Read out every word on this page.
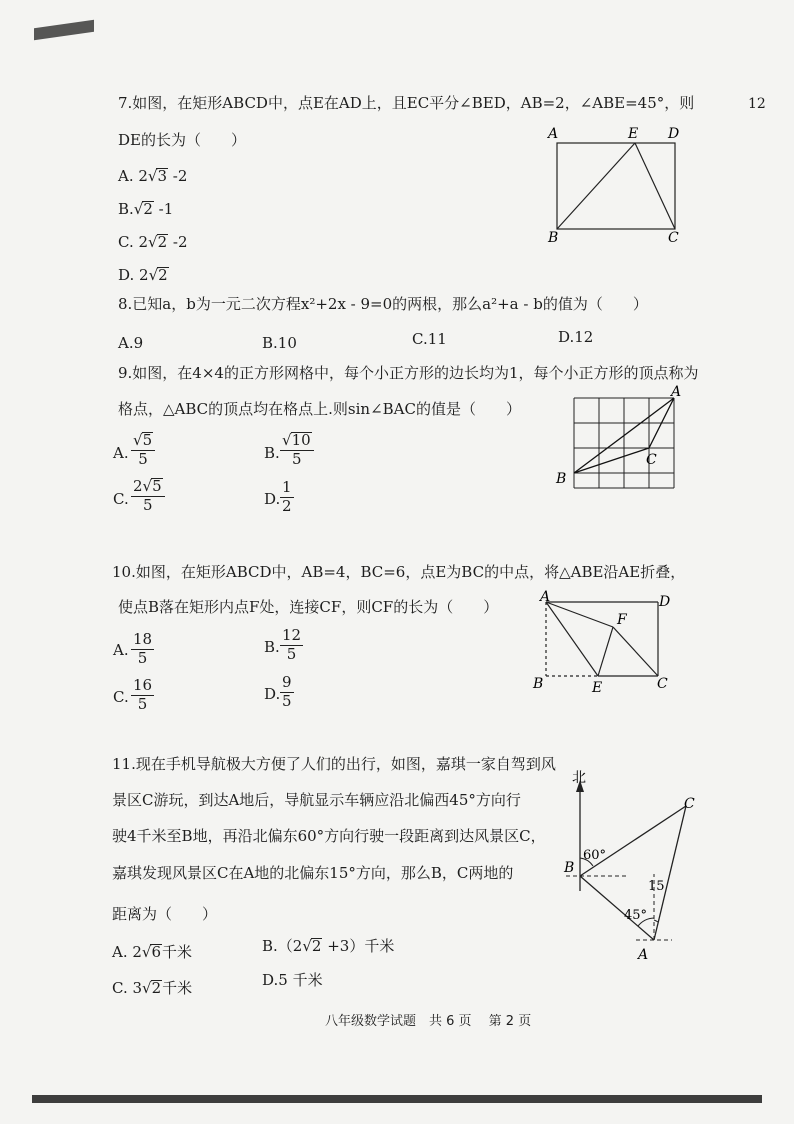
12
7.如图，在矩形ABCD中，点E在AD上，且EC平分∠BED，AB=2，∠ABE=45°，则
DE的长为（　　）
A. 2√3 -2
B.√2 -1
C. 2√2 -2
D. 2√2
A	E D
B	C
8.已知a，b为一元二次方程x²+2x - 9=0的两根，那么a²+a - b的值为（　　）
A.9	B.10	C.11	D.12
9.如图，在4×4的正方形网格中，每个小正方形的边长均为1，每个小正方形的顶点称为
格点，△ABC的顶点均在格点上.则sin∠BAC的值是（　　）
A. $\frac{√5}{5}$	B. $\frac{√10}{5}$
C. $\frac{2√5}{5}$	D. $\frac{1}{2}$
A
B
C
10.如图，在矩形ABCD中，AB=4，BC=6，点E为BC的中点，将△ABE沿AE折叠，
使点B落在矩形内点F处，连接CF，则CF的长为（　　）
A. $\frac{18}{5}$	B. $\frac{12}{5}$
C. $\frac{16}{5}$	D. $\frac{9}{5}$
A	D
F
B	E	C
11.现在手机导航极大方便了人们的出行，如图，嘉琪一家自驾到风
景区C游玩，到达A地后，导航显示车辆应沿北偏西45°方向行
驶4千米至B地，再沿北偏东60°方向行驶一段距离到达风景区C，
嘉琪发现风景区C在A地的北偏东15°方向，那么B，C两地的
距离为（　　）
A. 2√6千米	B.（2√2 +3）千米
C. 3√2千米	D.5 千米
北
C
B
A
60°
15
45°
八年级数学试题　共 6 页　 第 2 页
